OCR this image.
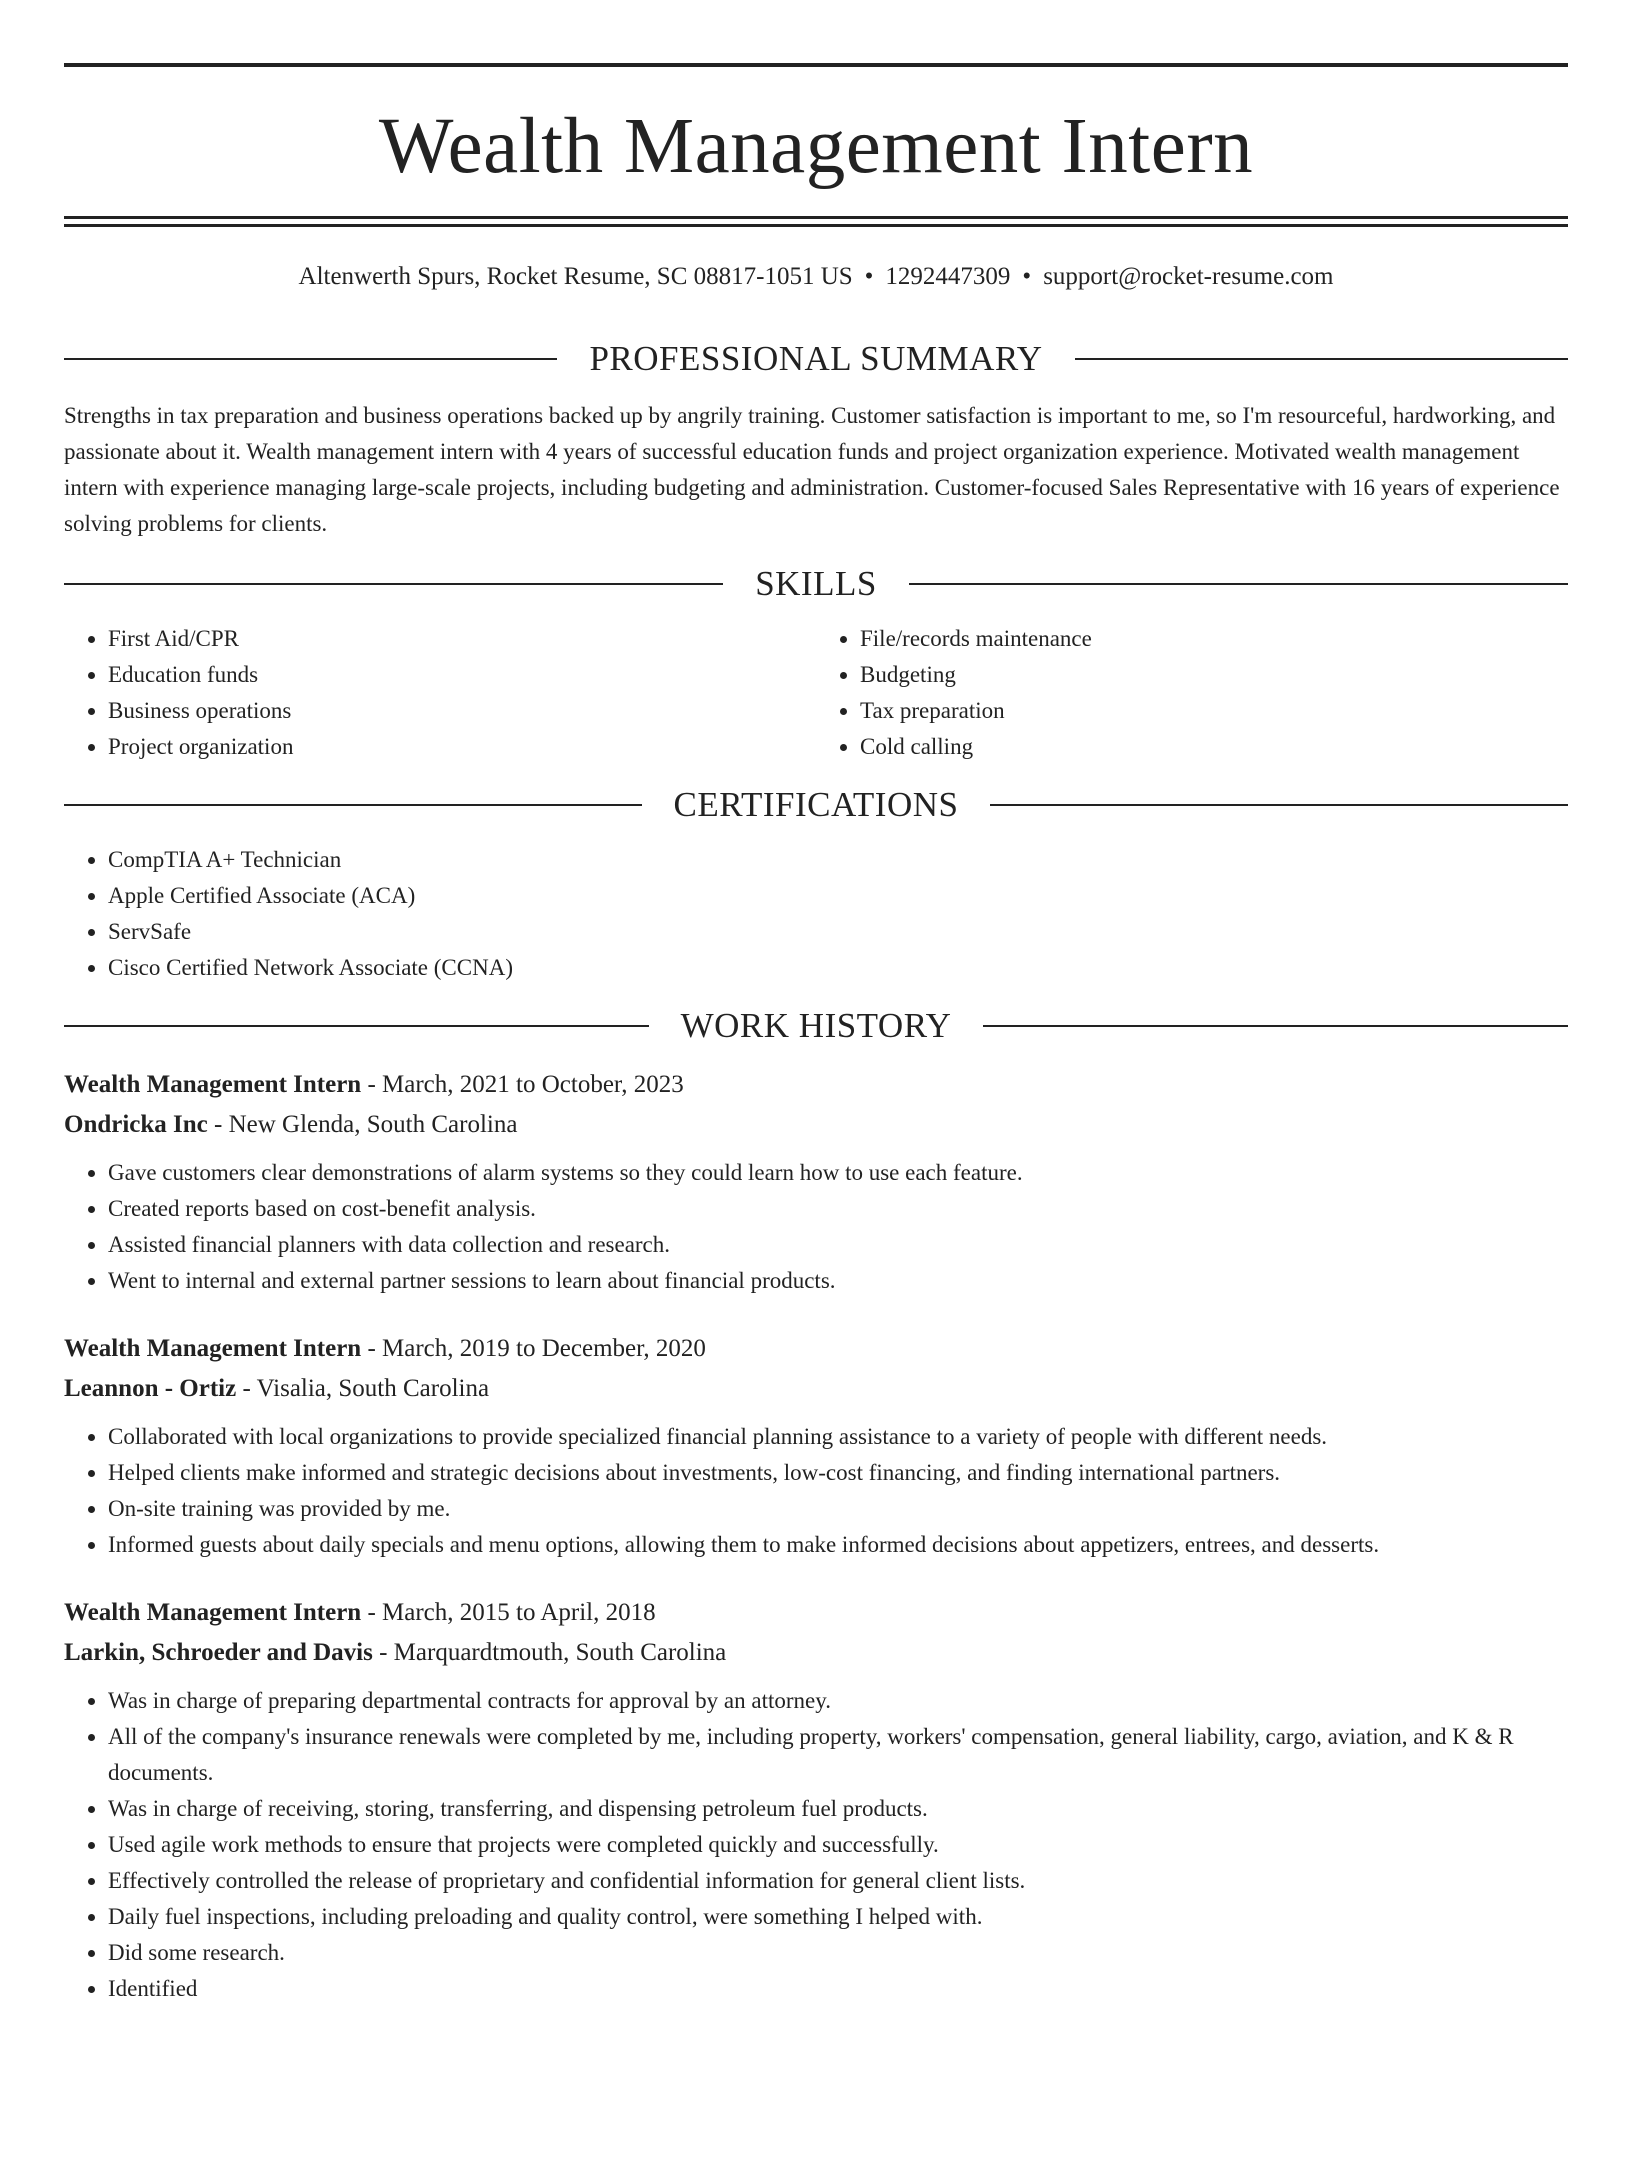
Wealth Management Intern
Altenwerth Spurs, Rocket Resume, SC 08817-1051 US • 1292447309 • support@rocket-resume.com
PROFESSIONAL SUMMARY

Strengths in tax preparation and business operations backed up by angrily training. Customer satisfaction is important to me, so I'm resourceful, hardworking, and passionate about it. Wealth management intern with 4 years of successful education funds and project organization experience. Motivated wealth management intern with experience managing large-scale projects, including budgeting and administration. Customer-focused Sales Representative with 16 years of experience solving problems for clients.

SKILLS
• First Aid/CPR
• Education funds
• Business operations
• Project organization
• File/records maintenance
• Budgeting
• Tax preparation
• Cold calling
CERTIFICATIONS
• CompTIA A+ Technician
• Apple Certified Associate (ACA)
• ServSafe
• Cisco Certified Network Associate (CCNA)
WORK HISTORY
Wealth Management Intern - March, 2021 to October, 2023
Ondricka Inc - New Glenda, South Carolina
• Gave customers clear demonstrations of alarm systems so they could learn how to use each feature.
• Created reports based on cost-benefit analysis.
• Assisted financial planners with data collection and research.
• Went to internal and external partner sessions to learn about financial products.
Wealth Management Intern - March, 2019 to December, 2020
Leannon - Ortiz - Visalia, South Carolina
• Collaborated with local organizations to provide specialized financial planning assistance to a variety of people with different needs.
• Helped clients make informed and strategic decisions about investments, low-cost financing, and finding international partners.
• On-site training was provided by me.
• Informed guests about daily specials and menu options, allowing them to make informed decisions about appetizers, entrees, and desserts.
Wealth Management Intern - March, 2015 to April, 2018
Larkin, Schroeder and Davis - Marquardtmouth, South Carolina
• Was in charge of preparing departmental contracts for approval by an attorney.
• All of the company's insurance renewals were completed by me, including property, workers' compensation, general liability, cargo, aviation, and K & R documents.
• Was in charge of receiving, storing, transferring, and dispensing petroleum fuel products.
• Used agile work methods to ensure that projects were completed quickly and successfully.
• Effectively controlled the release of proprietary and confidential information for general client lists.
• Daily fuel inspections, including preloading and quality control, were something I helped with.
• Did some research.
• Identified
